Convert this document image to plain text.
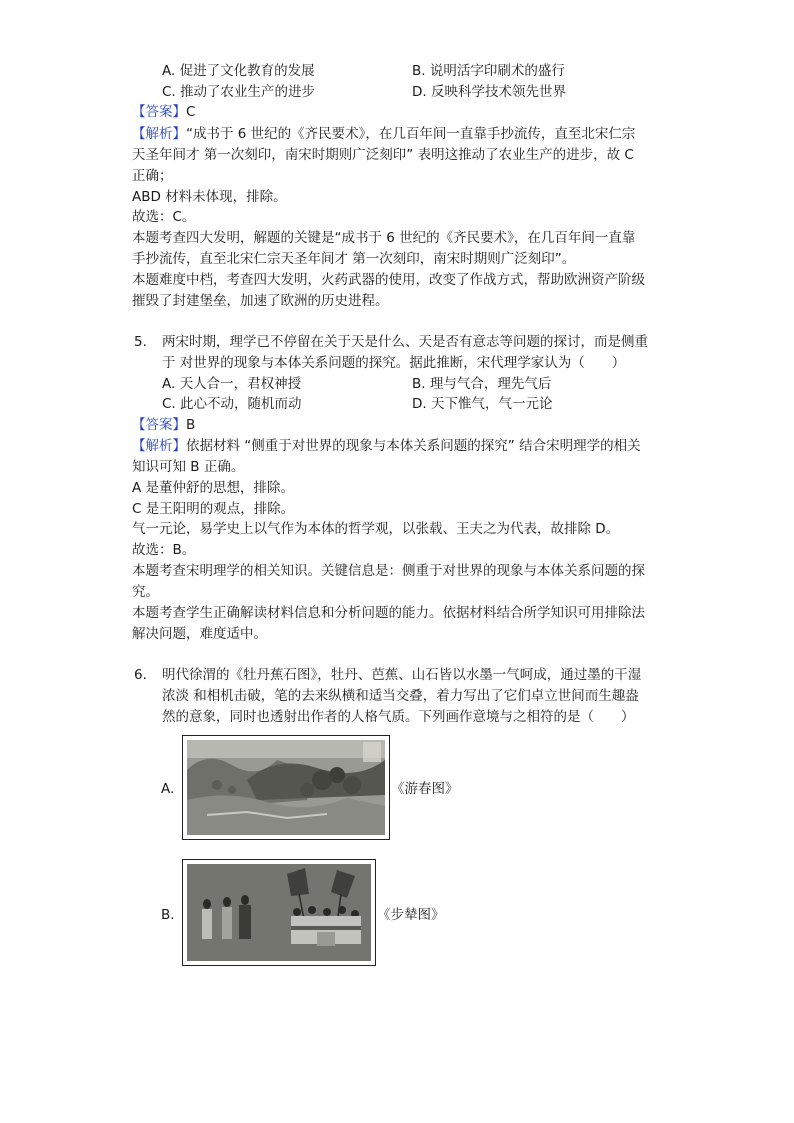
A. 促进了文化教育的发展	B. 说明活字印刷术的盛行
C. 推动了农业生产的进步	D. 反映科学技术领先世界
【答案】C
【解析】“成书于 6 世纪的《齐民要术》，在几百年间一直靠手抄流传，直至北宋仁宗
天圣年间才 第一次刻印，南宋时期则广泛刻印” 表明这推动了农业生产的进步，故 C
正确；
ABD 材料未体现，排除。
故选：C。
本题考查四大发明，解题的关键是“成书于 6 世纪的《齐民要术》，在几百年间一直靠
手抄流传，直至北宋仁宗天圣年间才 第一次刻印，南宋时期则广泛刻印”。
本题难度中档，考查四大发明，火药武器的使用，改变了作战方式，帮助欧洲资产阶级
摧毁了封建堡垒，加速了欧洲的历史进程。
5. 两宋时期，理学已不停留在关于天是什么、天是否有意志等问题的探讨，而是侧重
于 对世界的现象与本体关系问题的探究。据此推断，宋代理学家认为（　　）
A. 天人合一，君权神授	B. 理与气合，理先气后
C. 此心不动，随机而动	D. 天下惟气，气一元论
【答案】B
【解析】依据材料 “侧重于对世界的现象与本体关系问题的探究” 结合宋明理学的相关
知识可知 B 正确。
A 是董仲舒的思想，排除。
C 是王阳明的观点，排除。
气一元论，易学史上以气作为本体的哲学观，以张载、王夫之为代表，故排除 D。
故选：B。
本题考查宋明理学的相关知识。关键信息是：侧重于对世界的现象与本体关系问题的探
究。
本题考查学生正确解读材料信息和分析问题的能力。依据材料结合所学知识可用排除法
解决问题，难度适中。
6. 明代徐渭的《牡丹蕉石图》，牡丹、芭蕉、山石皆以水墨一气呵成，通过墨的干湿
浓淡 和相机击破，笔的去来纵横和适当交叠，着力写出了它们卓立世间而生趣盎
然的意象，同时也透射出作者的人格气质。下列画作意境与之相符的是（　　）
A.	《游春图》
B.	《步辇图》
